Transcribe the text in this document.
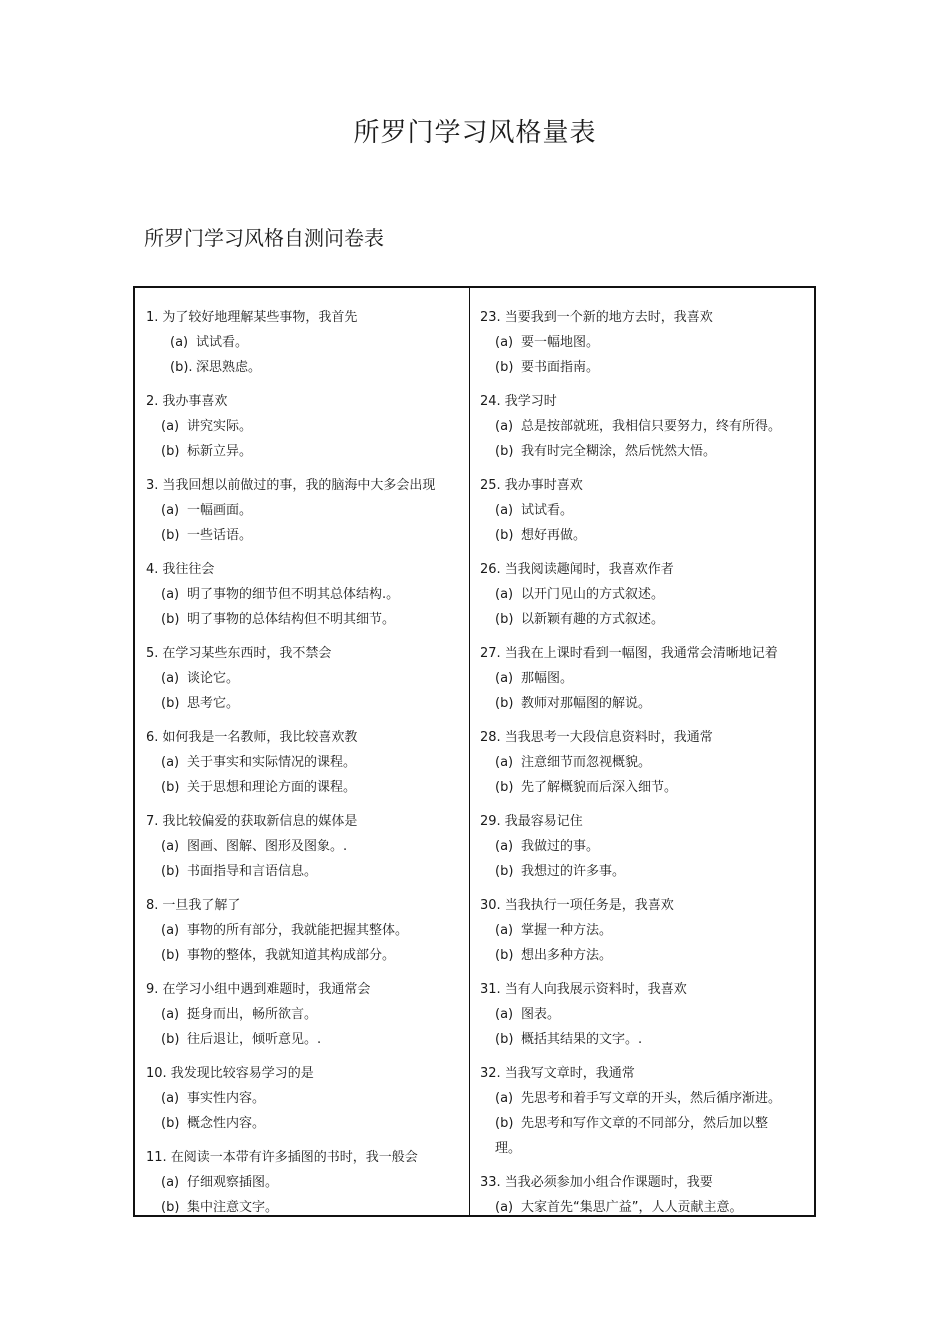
所罗门学习风格量表
所罗门学习风格自测问卷表
1. 为了较好地理解某些事物，我首先
(a) 试试看。
(b). 深思熟虑。
2. 我办事喜欢
(a) 讲究实际。
(b) 标新立异。
3. 当我回想以前做过的事，我的脑海中大多会出现
(a) 一幅画面。
(b) 一些话语。
4. 我往往会
(a) 明了事物的细节但不明其总体结构.。
(b) 明了事物的总体结构但不明其细节。
5. 在学习某些东西时，我不禁会
(a) 谈论它。
(b) 思考它。
6. 如何我是一名教师，我比较喜欢教
(a) 关于事实和实际情况的课程。
(b) 关于思想和理论方面的课程。
7. 我比较偏爱的获取新信息的媒体是
(a) 图画、图解、图形及图象。.
(b) 书面指导和言语信息。
8. 一旦我了解了
(a) 事物的所有部分，我就能把握其整体。
(b) 事物的整体，我就知道其构成部分。
9. 在学习小组中遇到难题时，我通常会
(a) 挺身而出，畅所欲言。
(b) 往后退让，倾听意见。.
10. 我发现比较容易学习的是
(a) 事实性内容。
(b) 概念性内容。
11. 在阅读一本带有许多插图的书时，我一般会
(a) 仔细观察插图。
(b) 集中注意文字。
23. 当要我到一个新的地方去时，我喜欢
(a) 要一幅地图。
(b) 要书面指南。
24. 我学习时
(a) 总是按部就班，我相信只要努力，终有所得。
(b) 我有时完全糊涂，然后恍然大悟。
25. 我办事时喜欢
(a) 试试看。
(b) 想好再做。
26. 当我阅读趣闻时，我喜欢作者
(a) 以开门见山的方式叙述。
(b) 以新颖有趣的方式叙述。
27. 当我在上课时看到一幅图，我通常会清晰地记着
(a) 那幅图。
(b) 教师对那幅图的解说。
28. 当我思考一大段信息资料时，我通常
(a) 注意细节而忽视概貌。
(b) 先了解概貌而后深入细节。
29. 我最容易记住
(a) 我做过的事。
(b) 我想过的许多事。
30. 当我执行一项任务是，我喜欢
(a) 掌握一种方法。
(b) 想出多种方法。
31. 当有人向我展示资料时，我喜欢
(a) 图表。
(b) 概括其结果的文字。.
32. 当我写文章时，我通常
(a) 先思考和着手写文章的开头，然后循序渐进。
(b) 先思考和写作文章的不同部分，然后加以整
理。
33. 当我必须参加小组合作课题时，我要
(a) 大家首先“集思广益”，人人贡献主意。
